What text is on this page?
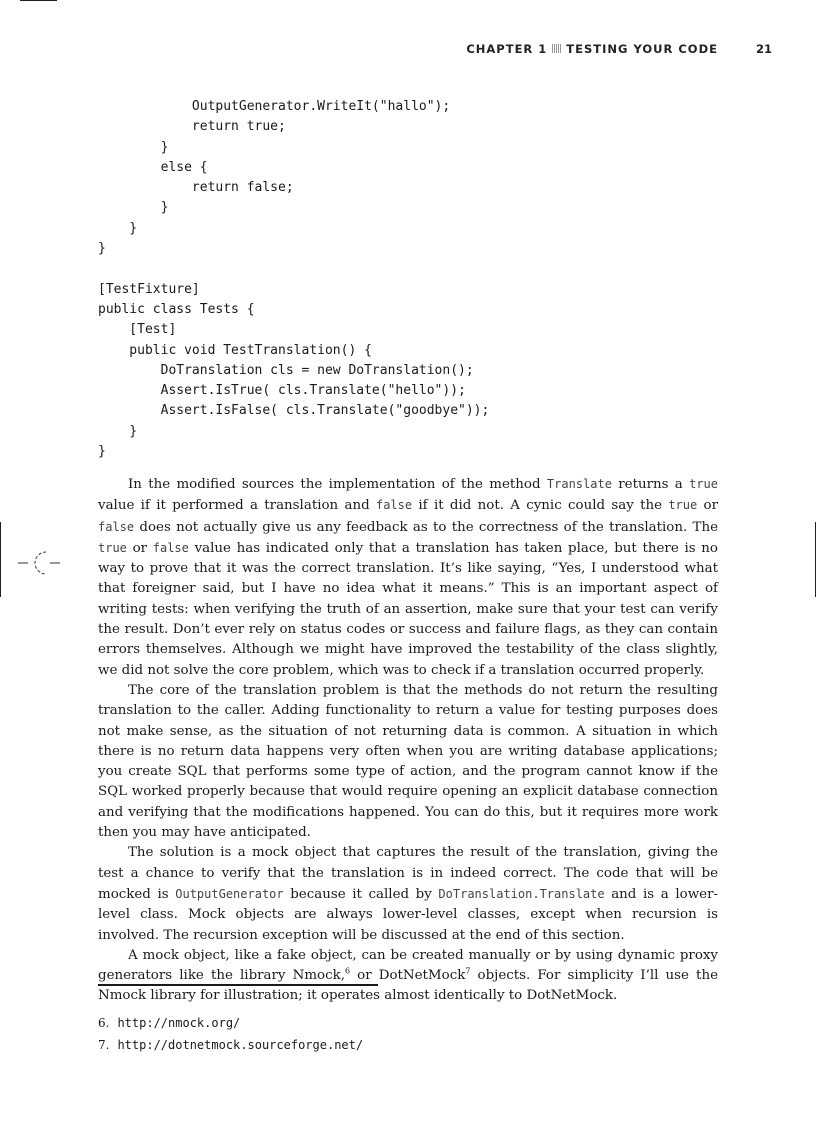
CHAPTER 1 TESTING YOUR CODE	21
OutputGenerator.WriteIt("hallo");
return true;
}
else {
return false;
}
}
}

[TestFixture]
public class Tests {
[Test]
public void TestTranslation() {
DoTranslation cls = new DoTranslation();
Assert.IsTrue( cls.Translate("hello"));
Assert.IsFalse( cls.Translate("goodbye"));
}
}

In the modified sources the implementation of the method Translate returns a true value if it performed a translation and false if it did not. A cynic could say the true or false does not actually give us any feedback as to the correctness of the translation. The true or false value has indicated only that a translation has taken place, but there is no way to prove that it was the correct translation. It’s like saying, “Yes, I understood what that foreigner said, but I have no idea what it means.” This is an important aspect of writing tests: when verifying the truth of an assertion, make sure that your test can verify the result. Don’t ever rely on status codes or success and failure flags, as they can contain errors themselves. Although we might have improved the testability of the class slightly, we did not solve the core problem, which was to check if a translation occurred properly.

The core of the translation problem is that the methods do not return the resulting translation to the caller. Adding functionality to return a value for testing purposes does not make sense, as the situation of not returning data is common. A situation in which there is no return data happens very often when you are writing database applications; you create SQL that performs some type of action, and the program cannot know if the SQL worked properly because that would require opening an explicit database connection and verifying that the modifications happened. You can do this, but it requires more work then you may have anticipated.

The solution is a mock object that captures the result of the translation, giving the test a chance to verify that the translation is in indeed correct. The code that will be mocked is OutputGenerator because it called by DoTranslation.Translate and is a lower-level class. Mock objects are always lower-level classes, except when recursion is involved. The recursion exception will be discussed at the end of this section.

A mock object, like a fake object, can be created manually or by using dynamic proxy generators like the library Nmock,$^6$ or DotNetMock$^7$ objects. For simplicity I’ll use the Nmock library for illustration; it operates almost identically to DotNetMock.

6. http://nmock.org/
7. http://dotnetmock.sourceforge.net/
